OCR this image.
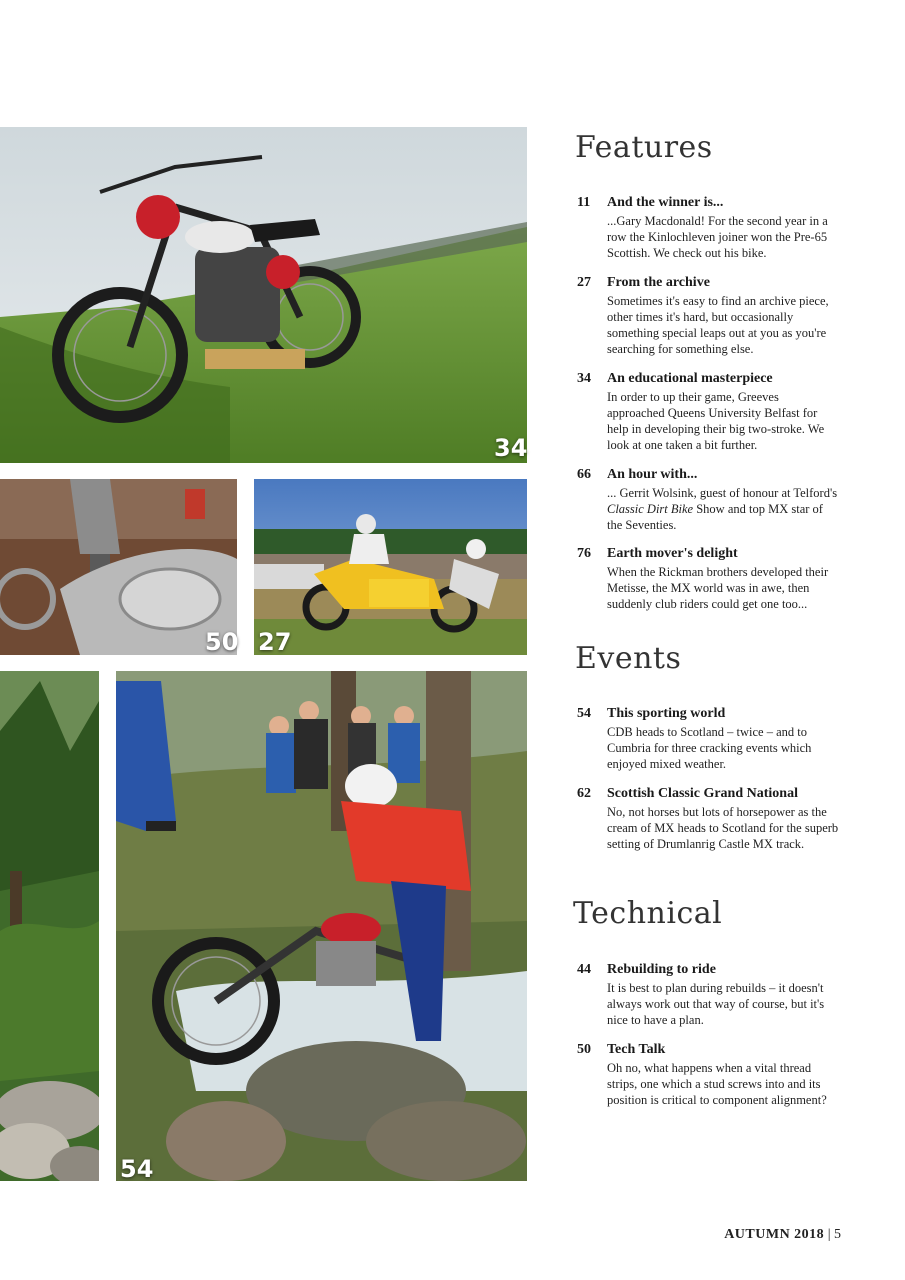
34
50 27
54
Features
11	And the winner is...
...Gary Macdonald! For the second year in a row the Kinlochleven joiner won the Pre-65 Scottish. We check out his bike.
27	From the archive
Sometimes it's easy to find an archive piece, other times it's hard, but occasionally something special leaps out at you as you're searching for something else.
34	An educational masterpiece
In order to up their game, Greeves approached Queens University Belfast for help in developing their big two-stroke. We look at one taken a bit further.
66	An hour with...
... Gerrit Wolsink, guest of honour at Telford's Classic Dirt Bike Show and top MX star of the Seventies.
76	Earth mover's delight
When the Rickman brothers developed their Metisse, the MX world was in awe, then suddenly club riders could get one too...
Events
54	This sporting world
CDB heads to Scotland – twice – and to Cumbria for three cracking events which enjoyed mixed weather.
62	Scottish Classic Grand National
No, not horses but lots of horsepower as the cream of MX heads to Scotland for the superb setting of Drumlanrig Castle MX track.
Technical
44	Rebuilding to ride
It is best to plan during rebuilds – it doesn't always work out that way of course, but it's nice to have a plan.
50	Tech Talk
Oh no, what happens when a vital thread strips, one which a stud screws into and its position is critical to component alignment?
AUTUMN 2018 | 5
